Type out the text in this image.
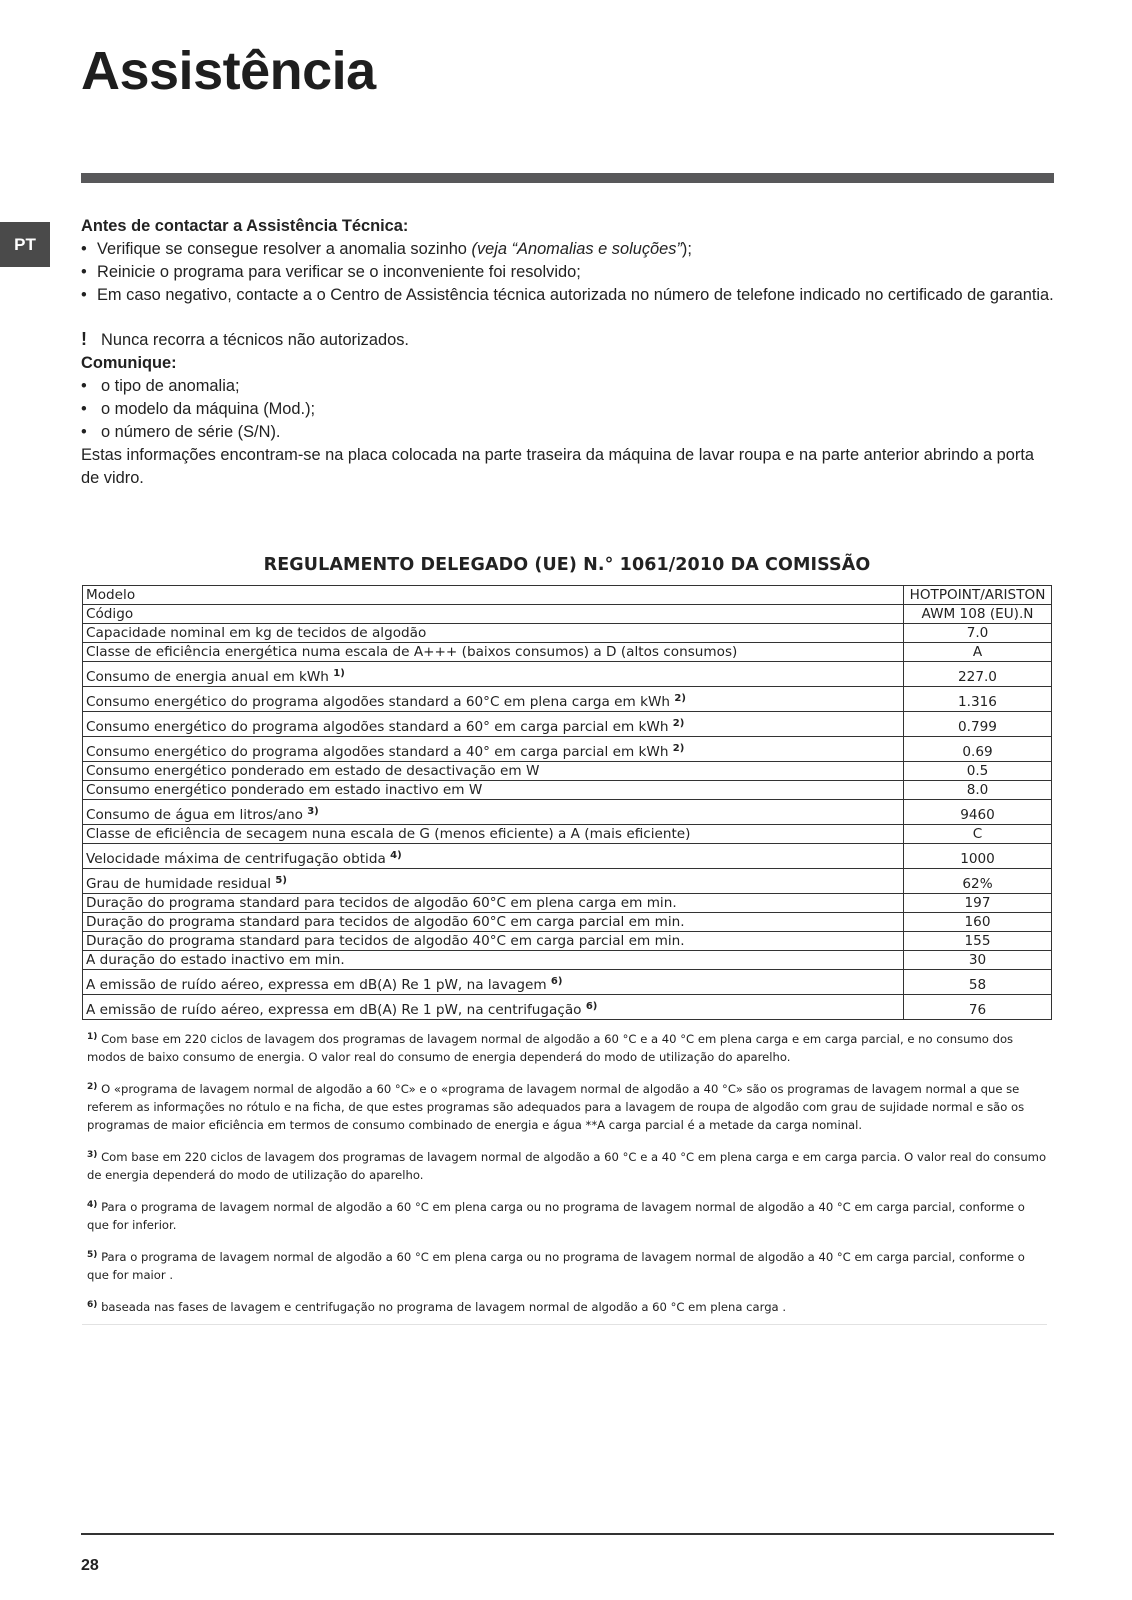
Assistência
PT
Antes de contactar a Assistência Técnica:
• Verifique se consegue resolver a anomalia sozinho (veja “Anomalias e soluções”);
• Reinicie o programa para verificar se o inconveniente foi resolvido;
• Em caso negativo, contacte a o Centro de Assistência técnica autorizada no número de telefone indicado no certificado de garantia.
! Nunca recorra a técnicos não autorizados.
Comunique:
• o tipo de anomalia;
• o modelo da máquina (Mod.);
• o número de série (S/N).

Estas informações encontram-se na placa colocada na parte traseira da máquina de lavar roupa e na parte anterior abrindo a porta de vidro.

REGULAMENTO DELEGADO (UE) N.° 1061/2010 DA COMISSÃO
Modelo	HOTPOINT/ARISTON
Código	AWM 108 (EU).N
Capacidade nominal em kg de tecidos de algodão	7.0
Classe de eficiência energética numa escala de A+++ (baixos consumos) a D (altos consumos)	A
Consumo de energia anual em kWh $^{1)}$	227.0
Consumo energético do programa algodões standard a 60°C em plena carga em kWh $^{2)}$	1.316
Consumo energético do programa algodões standard a 60° em carga parcial em kWh $^{2)}$	0.799
Consumo energético do programa algodões standard a 40° em carga parcial em kWh $^{2)}$	0.69
Consumo energético ponderado em estado de desactivação em W	0.5
Consumo energético ponderado em estado inactivo em W	8.0
Consumo de água em litros/ano $^{3)}$	9460
Classe de eficiência de secagem nuna escala de G (menos eficiente) a A (mais eficiente)	C
Velocidade máxima de centrifugação obtida $^{4)}$	1000
Grau de humidade residual $^{5)}$	62%
Duração do programa standard para tecidos de algodão 60°C em plena carga em min.	197
Duração do programa standard para tecidos de algodão 60°C em carga parcial em min.	160
Duração do programa standard para tecidos de algodão 40°C em carga parcial em min.	155
A duração do estado inactivo em min.	30
A emissão de ruído aéreo, expressa em dB(A) Re 1 pW, na lavagem $^{6)}$	58
A emissão de ruído aéreo, expressa em dB(A) Re 1 pW, na centrifugação $^{6)}$	76

$^{1)}$ Com base em 220 ciclos de lavagem dos programas de lavagem normal de algodão a 60 °C e a 40 °C em plena carga e em carga parcial, e no consumo dos modos de baixo consumo de energia. O valor real do consumo de energia dependerá do modo de utilização do aparelho.

$^{2)}$ O «programa de lavagem normal de algodão a 60 °C» e o «programa de lavagem normal de algodão a 40 °C» são os programas de lavagem normal a que se referem as informações no rótulo e na ficha, de que estes programas são adequados para a lavagem de roupa de algodão com grau de sujidade normal e são os programas de maior eficiência em termos de consumo combinado de energia e água **A carga parcial é a metade da carga nominal.

$^{3)}$ Com base em 220 ciclos de lavagem dos programas de lavagem normal de algodão a 60 °C e a 40 °C em plena carga e em carga parcia. O valor real do consumo de energia dependerá do modo de utilização do aparelho.

$^{4)}$ Para o programa de lavagem normal de algodão a 60 °C em plena carga ou no programa de lavagem normal de algodão a 40 °C em carga parcial, conforme o que for inferior.

$^{5)}$ Para o programa de lavagem normal de algodão a 60 °C em plena carga ou no programa de lavagem normal de algodão a 40 °C em carga parcial, conforme o que for maior .

$^{6)}$ baseada nas fases de lavagem e centrifugação no programa de lavagem normal de algodão a 60 °C em plena carga .

28
